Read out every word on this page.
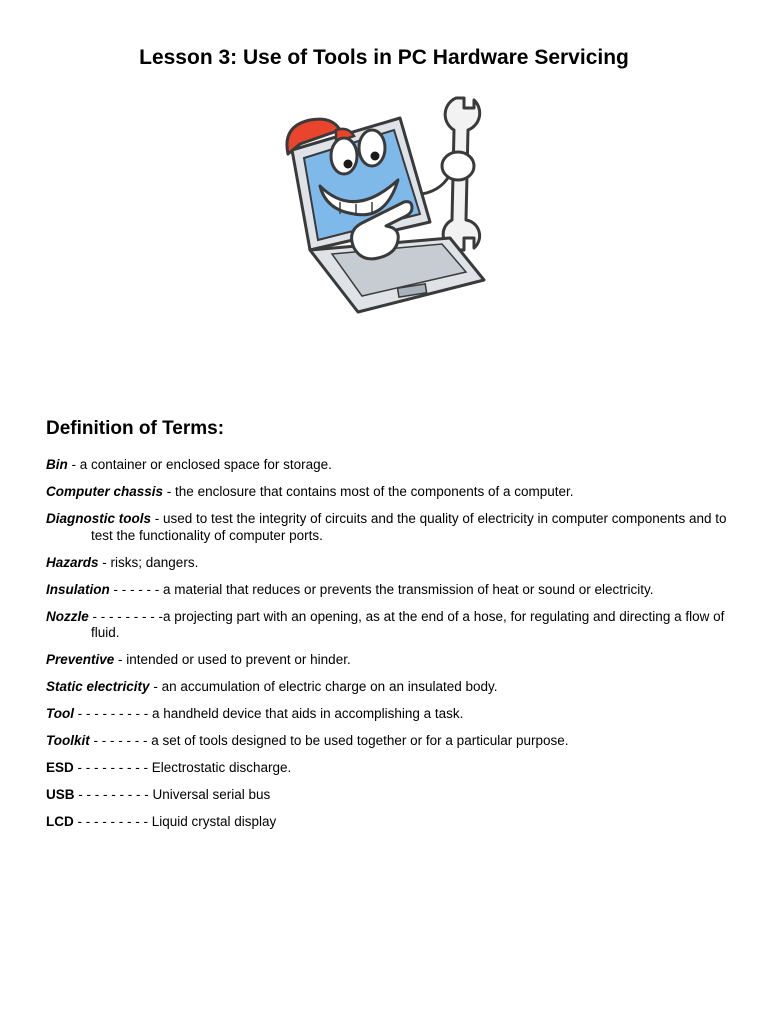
Lesson 3: Use of Tools in PC Hardware Servicing
Definition of Terms:
Bin - a container or enclosed space for storage.
Computer chassis - the enclosure that contains most of the components of a computer.
Diagnostic tools - used to test the integrity of circuits and the quality of electricity in computer components and to test the functionality of computer ports.
Hazards - risks; dangers.
Insulation - - - - - - a material that reduces or prevents the transmission of heat or sound or electricity.
Nozzle - - - - - - - - -a projecting part with an opening, as at the end of a hose, for regulating and directing a flow of fluid.
Preventive - intended or used to prevent or hinder.
Static electricity - an accumulation of electric charge on an insulated body.
Tool - - - - - - - - - a handheld device that aids in accomplishing a task.
Toolkit - - - - - - - a set of tools designed to be used together or for a particular purpose.
ESD - - - - - - - - - Electrostatic discharge.
USB - - - - - - - - - Universal serial bus
LCD - - - - - - - - - Liquid crystal display
